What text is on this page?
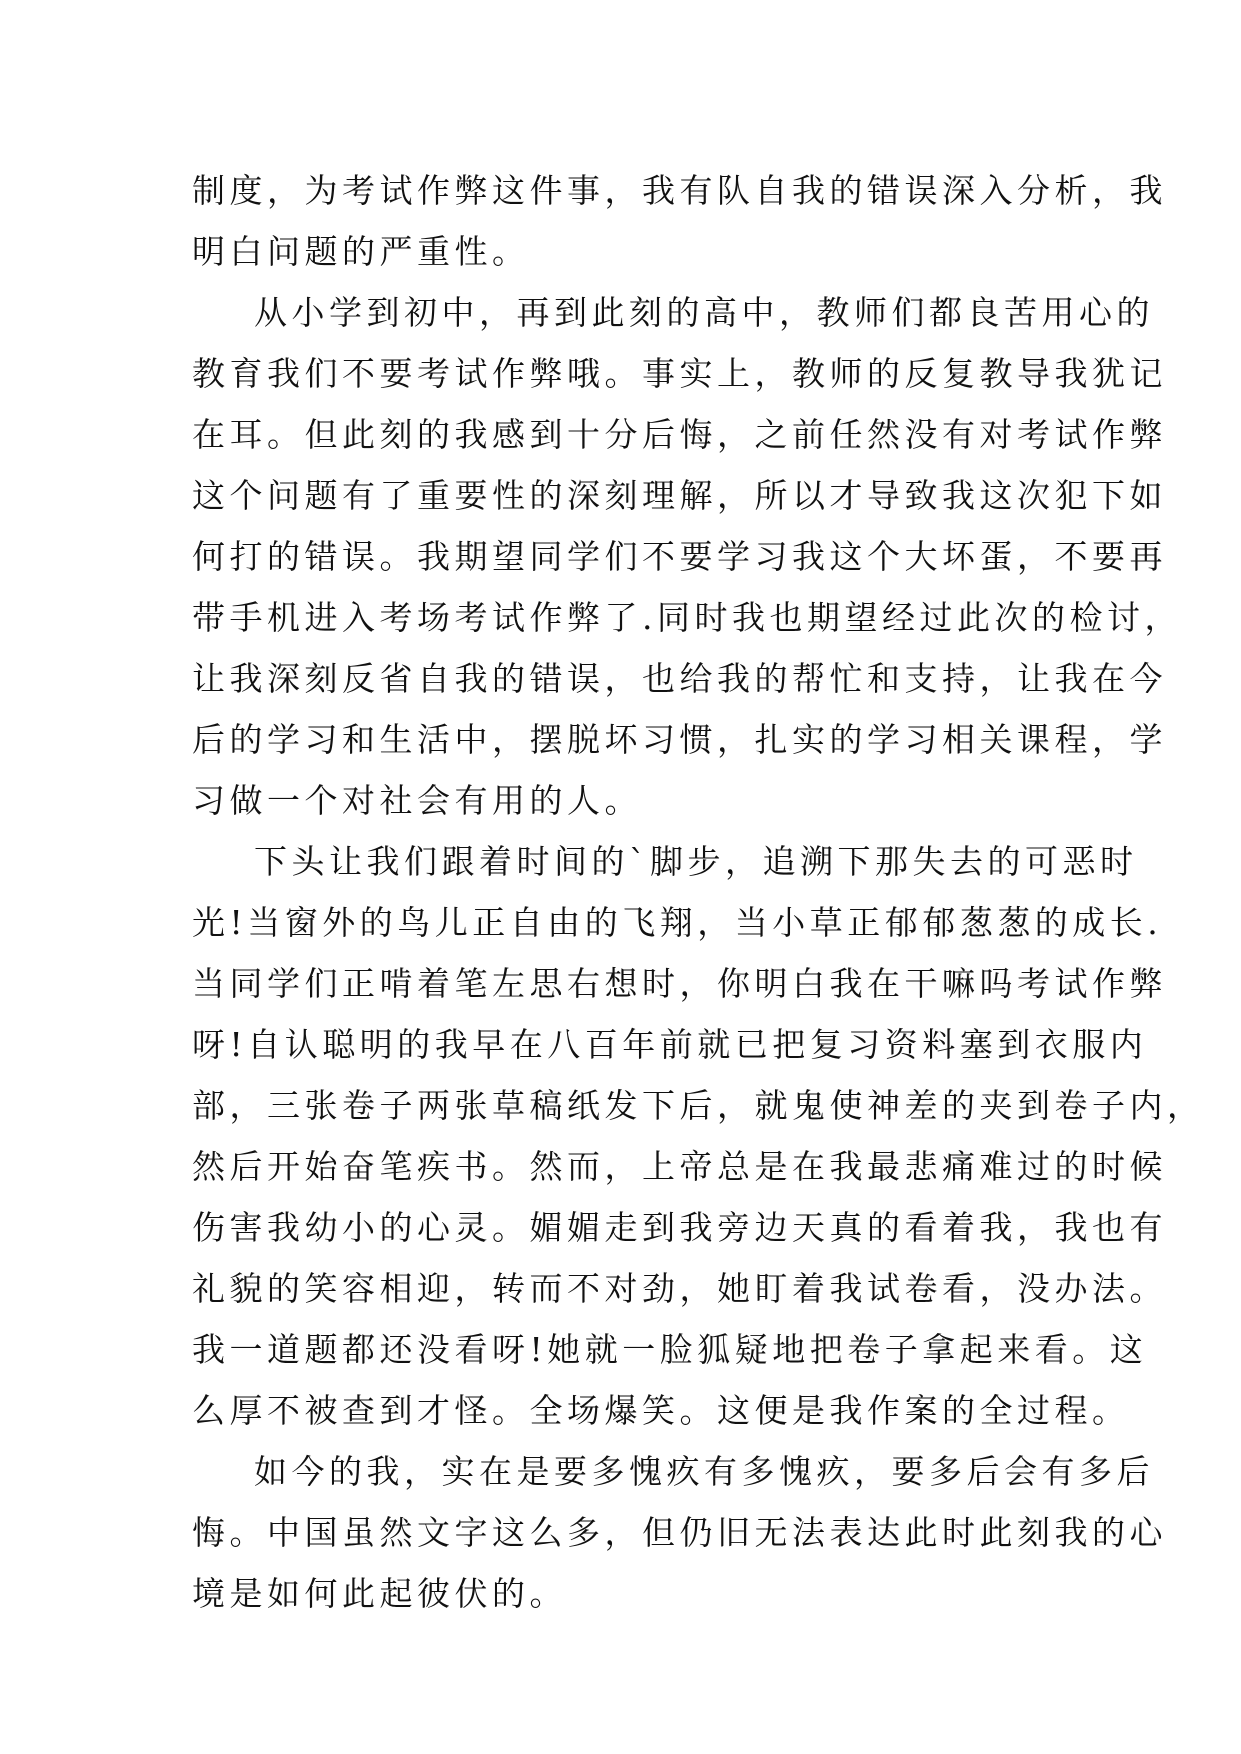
制度，为考试作弊这件事，我有队自我的错误深入分析，我
明白问题的严重性。
从小学到初中，再到此刻的高中，教师们都良苦用心的
教育我们不要考试作弊哦。事实上，教师的反复教导我犹记
在耳。但此刻的我感到十分后悔，之前任然没有对考试作弊
这个问题有了重要性的深刻理解，所以才导致我这次犯下如
何打的错误。我期望同学们不要学习我这个大坏蛋，不要再
带手机进入考场考试作弊了.同时我也期望经过此次的检讨，
让我深刻反省自我的错误，也给我的帮忙和支持，让我在今
后的学习和生活中，摆脱坏习惯，扎实的学习相关课程，学
习做一个对社会有用的人。
下头让我们跟着时间的`脚步，追溯下那失去的可恶时
光!当窗外的鸟儿正自由的飞翔，当小草正郁郁葱葱的成长.
当同学们正啃着笔左思右想时，你明白我在干嘛吗考试作弊
呀!自认聪明的我早在八百年前就已把复习资料塞到衣服内
部，三张卷子两张草稿纸发下后，就鬼使神差的夹到卷子内，
然后开始奋笔疾书。然而，上帝总是在我最悲痛难过的时候
伤害我幼小的心灵。媚媚走到我旁边天真的看着我，我也有
礼貌的笑容相迎，转而不对劲，她盯着我试卷看，没办法。
我一道题都还没看呀!她就一脸狐疑地把卷子拿起来看。这
么厚不被查到才怪。全场爆笑。这便是我作案的全过程。
如今的我，实在是要多愧疚有多愧疚，要多后会有多后
悔。中国虽然文字这么多，但仍旧无法表达此时此刻我的心
境是如何此起彼伏的。
